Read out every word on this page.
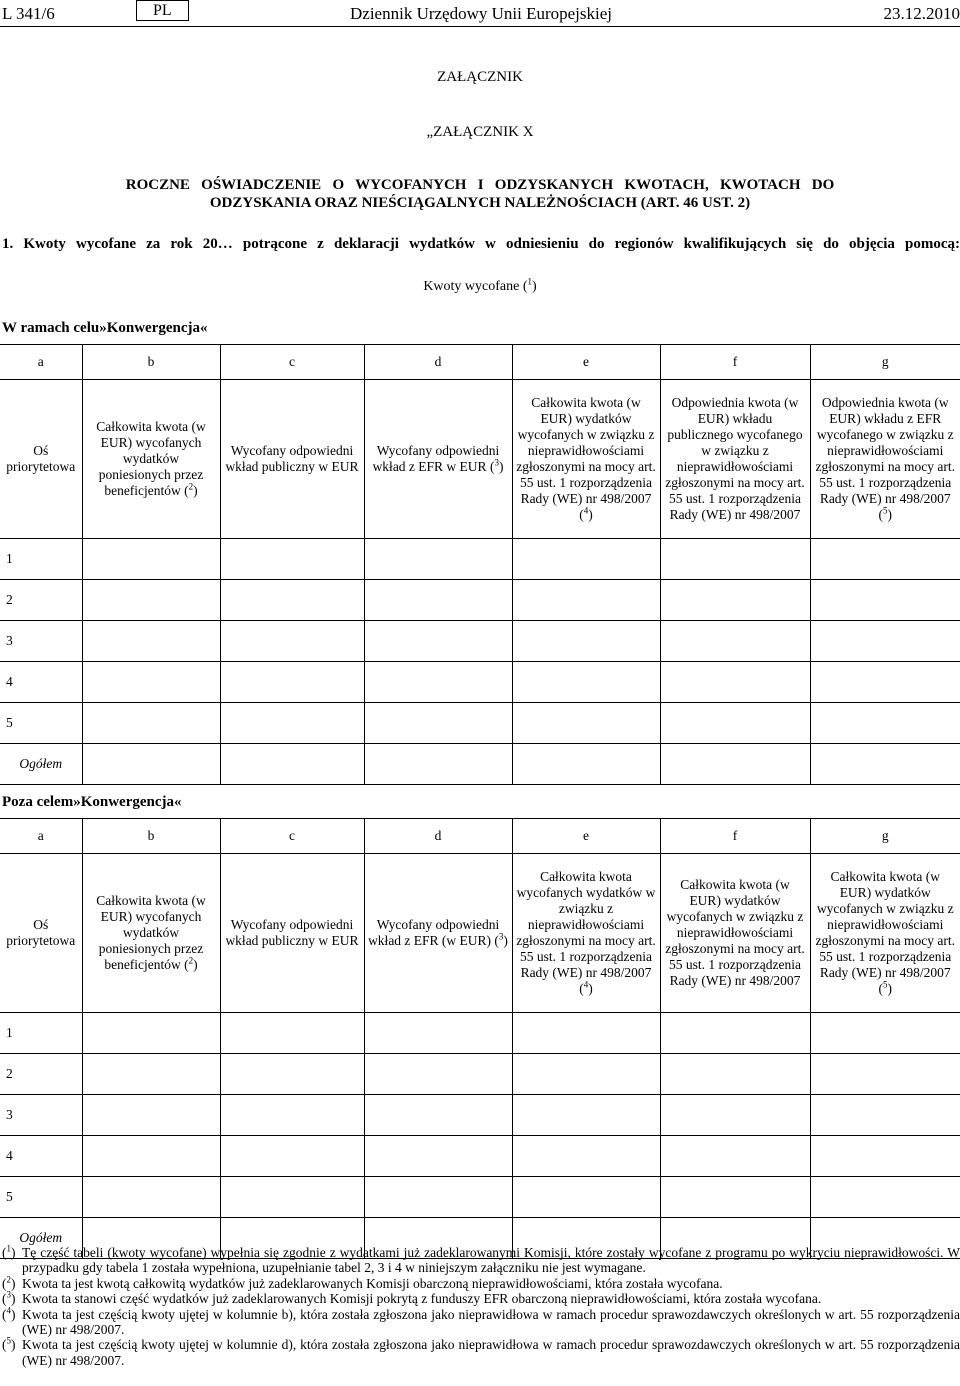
L 341/6	PL	Dziennik Urzędowy Unii Europejskiej	23.12.2010
ZAŁĄCZNIK
„ZAŁĄCZNIK X
ROCZNE   OŚWIADCZENIE   O   WYCOFANYCH   I   ODZYSKANYCH   KWOTACH,   KWOTACH   DO
ODZYSKANIA ORAZ NIEŚCIĄGALNYCH NALEŻNOŚCIACH (ART. 46 UST. 2)
1. Kwoty wycofane za rok 20… potrącone z deklaracji wydatków w odniesieniu do regionów kwalifikujących się do objęcia pomocą:
Kwoty wycofane ($^1$)
W ramach celu»Konwergencja«
a	b	c	d	e	f	g
Oś priorytetowa	Całkowita kwota (w EUR) wycofanych wydatków poniesionych przez beneficjentów ($^2$)	Wycofany odpowiedni wkład publiczny w EUR	Wycofany odpowiedni wkład z EFR w EUR ($^3$)	Całkowita kwota (w EUR) wydatków wycofanych w związku z nieprawidłowościami zgłoszonymi na mocy art. 55 ust. 1 rozporządzenia Rady (WE) nr 498/2007 ($^4$)	Odpowiednia kwota (w EUR) wkładu publicznego wycofanego w związku z nieprawidłowościami zgłoszonymi na mocy art. 55 ust. 1 rozporządzenia Rady (WE) nr 498/2007	Odpowiednia kwota (w EUR) wkładu z EFR wycofanego w związku z nieprawidłowościami zgłoszonymi na mocy art. 55 ust. 1 rozporządzenia Rady (WE) nr 498/2007 ($^5$)
1						
2						
3						
4						
5						
Ogółem						
Poza celem»Konwergencja«
a	b	c	d	e	f	g
Oś priorytetowa	Całkowita kwota (w EUR) wycofanych wydatków poniesionych przez beneficjentów ($^2$)	Wycofany odpowiedni wkład publiczny w EUR	Wycofany odpowiedni wkład z EFR (w EUR) ($^3$)	Całkowita kwota wycofanych wydatków w związku z nieprawidłowościami zgłoszonymi na mocy art. 55 ust. 1 rozporządzenia Rady (WE) nr 498/2007 ($^4$)	Całkowita kwota (w EUR) wydatków wycofanych w związku z nieprawidłowościami zgłoszonymi na mocy art. 55 ust. 1 rozporządzenia Rady (WE) nr 498/2007	Całkowita kwota (w EUR) wydatków wycofanych w związku z nieprawidłowościami zgłoszonymi na mocy art. 55 ust. 1 rozporządzenia Rady (WE) nr 498/2007 ($^5$)
1						
2						
3						
4						
5						
Ogółem						
($^1$) Tę część tabeli (kwoty wycofane) wypełnia się zgodnie z wydatkami już zadeklarowanymi Komisji, które zostały wycofane z programu po wykryciu nieprawidłowości. W przypadku gdy tabela 1 została wypełniona, uzupełnianie tabel 2, 3 i 4 w niniejszym załączniku nie jest wymagane.
($^2$) Kwota ta jest kwotą całkowitą wydatków już zadeklarowanych Komisji obarczoną nieprawidłowościami, która została wycofana.
($^3$) Kwota ta stanowi część wydatków już zadeklarowanych Komisji pokrytą z funduszy EFR obarczoną nieprawidłowościami, która została wycofana.
($^4$) Kwota ta jest częścią kwoty ujętej w kolumnie b), która została zgłoszona jako nieprawidłowa w ramach procedur sprawozdawczych określonych w art. 55 rozporządzenia (WE) nr 498/2007.
($^5$) Kwota ta jest częścią kwoty ujętej w kolumnie d), która została zgłoszona jako nieprawidłowa w ramach procedur sprawozdawczych określonych w art. 55 rozporządzenia (WE) nr 498/2007.
